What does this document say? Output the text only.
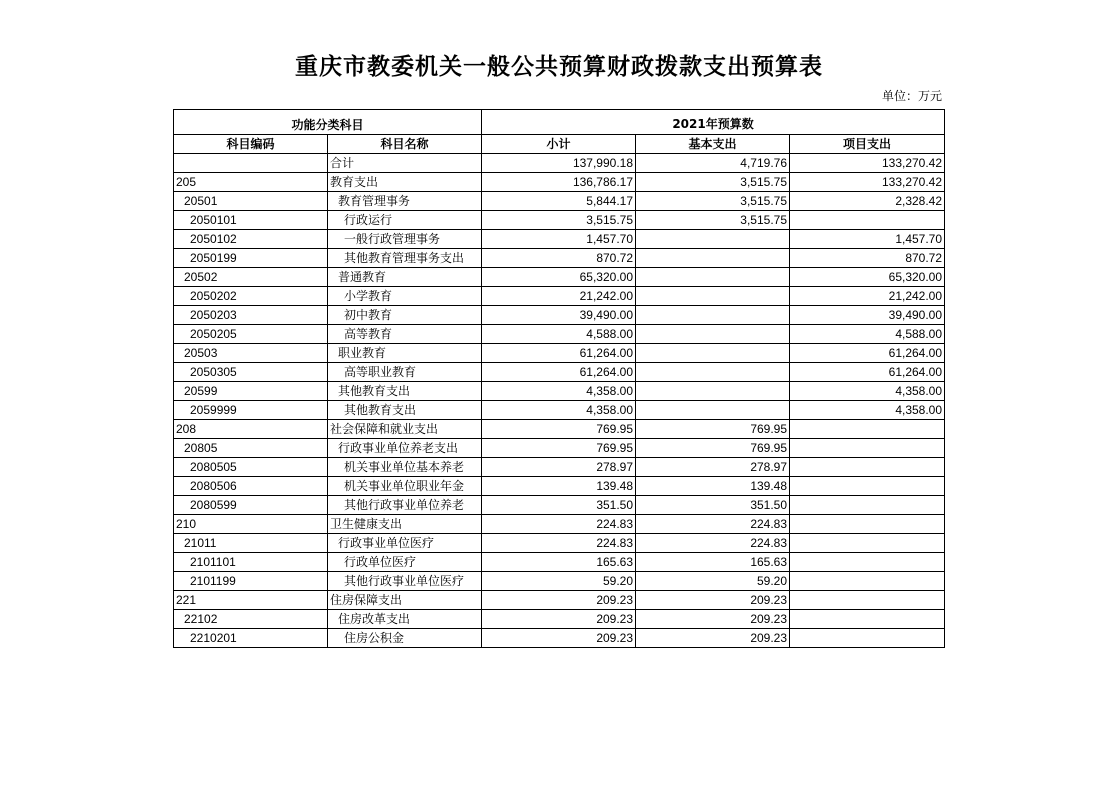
重庆市教委机关一般公共预算财政拨款支出预算表
单位：万元
功能分类科目		2021年预算数		
科目编码	科目名称	小计	基本支出	项目支出
	合计	137,990.18	4,719.76	133,270.42
205	教育支出	136,786.17	3,515.75	133,270.42
20501	教育管理事务	5,844.17	3,515.75	2,328.42
2050101	行政运行	3,515.75	3,515.75	
2050102	一般行政管理事务	1,457.70		1,457.70
2050199	其他教育管理事务支出	870.72		870.72
20502	普通教育	65,320.00		65,320.00
2050202	小学教育	21,242.00		21,242.00
2050203	初中教育	39,490.00		39,490.00
2050205	高等教育	4,588.00		4,588.00
20503	职业教育	61,264.00		61,264.00
2050305	高等职业教育	61,264.00		61,264.00
20599	其他教育支出	4,358.00		4,358.00
2059999	其他教育支出	4,358.00		4,358.00
208	社会保障和就业支出	769.95	769.95	
20805	行政事业单位养老支出	769.95	769.95	
2080505	机关事业单位基本养老	278.97	278.97	
2080506	机关事业单位职业年金	139.48	139.48	
2080599	其他行政事业单位养老	351.50	351.50	
210	卫生健康支出	224.83	224.83	
21011	行政事业单位医疗	224.83	224.83	
2101101	行政单位医疗	165.63	165.63	
2101199	其他行政事业单位医疗	59.20	59.20	
221	住房保障支出	209.23	209.23	
22102	住房改革支出	209.23	209.23	
2210201	住房公积金	209.23	209.23	
